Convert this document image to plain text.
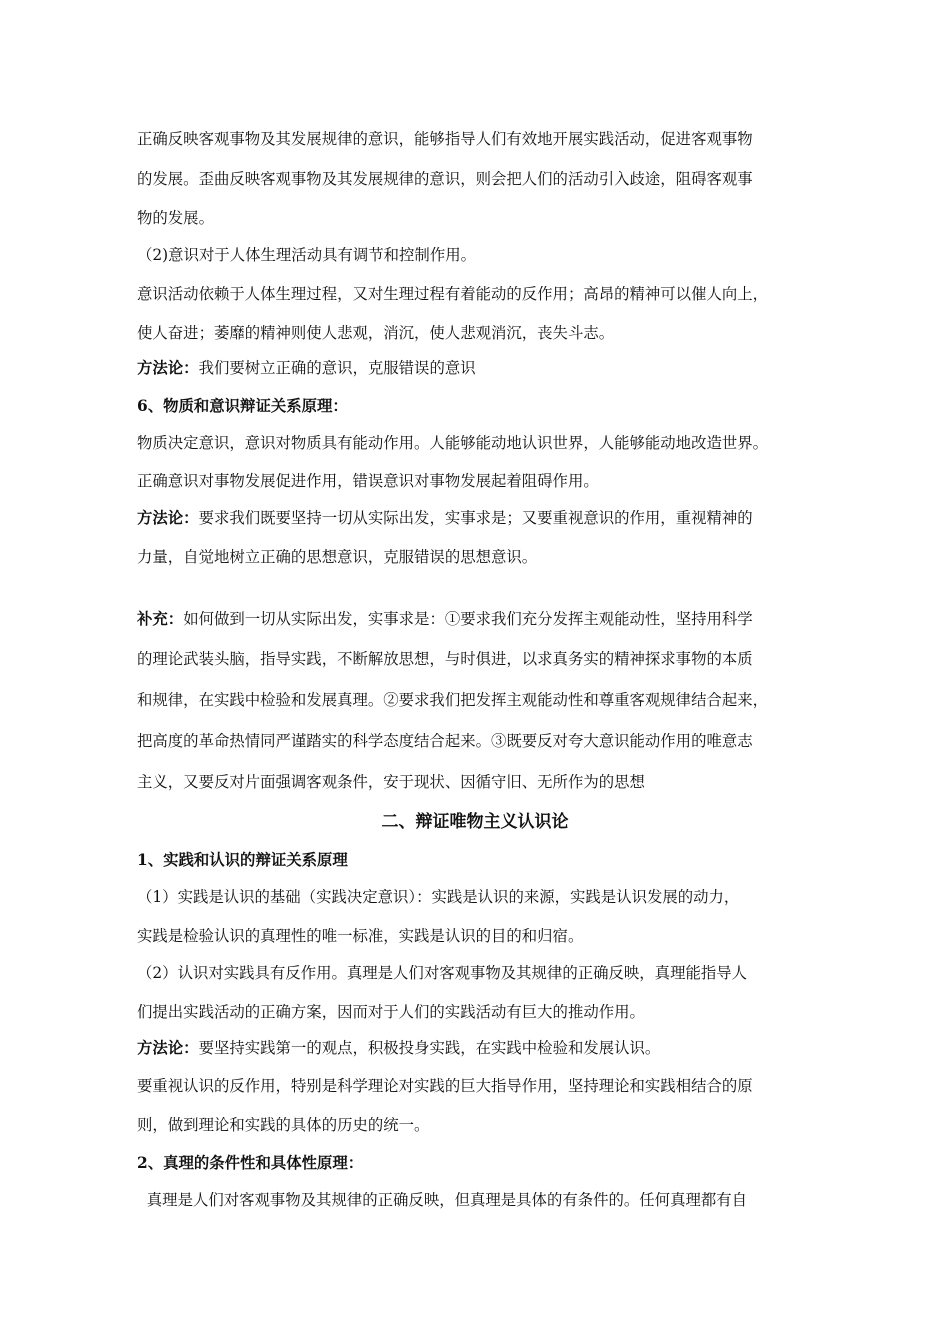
正确反映客观事物及其发展规律的意识，能够指导人们有效地开展实践活动，促进客观事物
的发展。歪曲反映客观事物及其发展规律的意识，则会把人们的活动引入歧途，阻碍客观事
物的发展。
（2)意识对于人体生理活动具有调节和控制作用。
意识活动依赖于人体生理过程，又对生理过程有着能动的反作用；高昂的精神可以催人向上，
使人奋进；萎靡的精神则使人悲观，消沉，使人悲观消沉，丧失斗志。
方法论：我们要树立正确的意识，克服错误的意识
6、物质和意识辩证关系原理：
物质决定意识，意识对物质具有能动作用。人能够能动地认识世界，人能够能动地改造世界。
正确意识对事物发展促进作用，错误意识对事物发展起着阻碍作用。
方法论：要求我们既要坚持一切从实际出发，实事求是；又要重视意识的作用，重视精神的
力量，自觉地树立正确的思想意识，克服错误的思想意识。
补充：如何做到一切从实际出发，实事求是：①要求我们充分发挥主观能动性，坚持用科学
的理论武装头脑，指导实践，不断解放思想，与时俱进，以求真务实的精神探求事物的本质
和规律，在实践中检验和发展真理。②要求我们把发挥主观能动性和尊重客观规律结合起来，
把高度的革命热情同严谨踏实的科学态度结合起来。③既要反对夸大意识能动作用的唯意志
主义，又要反对片面强调客观条件，安于现状、因循守旧、无所作为的思想
二、辩证唯物主义认识论
1、实践和认识的辩证关系原理
（1）实践是认识的基础（实践决定意识）：实践是认识的来源，实践是认识发展的动力，
实践是检验认识的真理性的唯一标准，实践是认识的目的和归宿。
（2）认识对实践具有反作用。真理是人们对客观事物及其规律的正确反映，真理能指导人
们提出实践活动的正确方案，因而对于人们的实践活动有巨大的推动作用。
方法论：要坚持实践第一的观点，积极投身实践，在实践中检验和发展认识。
要重视认识的反作用，特别是科学理论对实践的巨大指导作用，坚持理论和实践相结合的原
则，做到理论和实践的具体的历史的统一。
2、真理的条件性和具体性原理：
真理是人们对客观事物及其规律的正确反映，但真理是具体的有条件的。任何真理都有自
